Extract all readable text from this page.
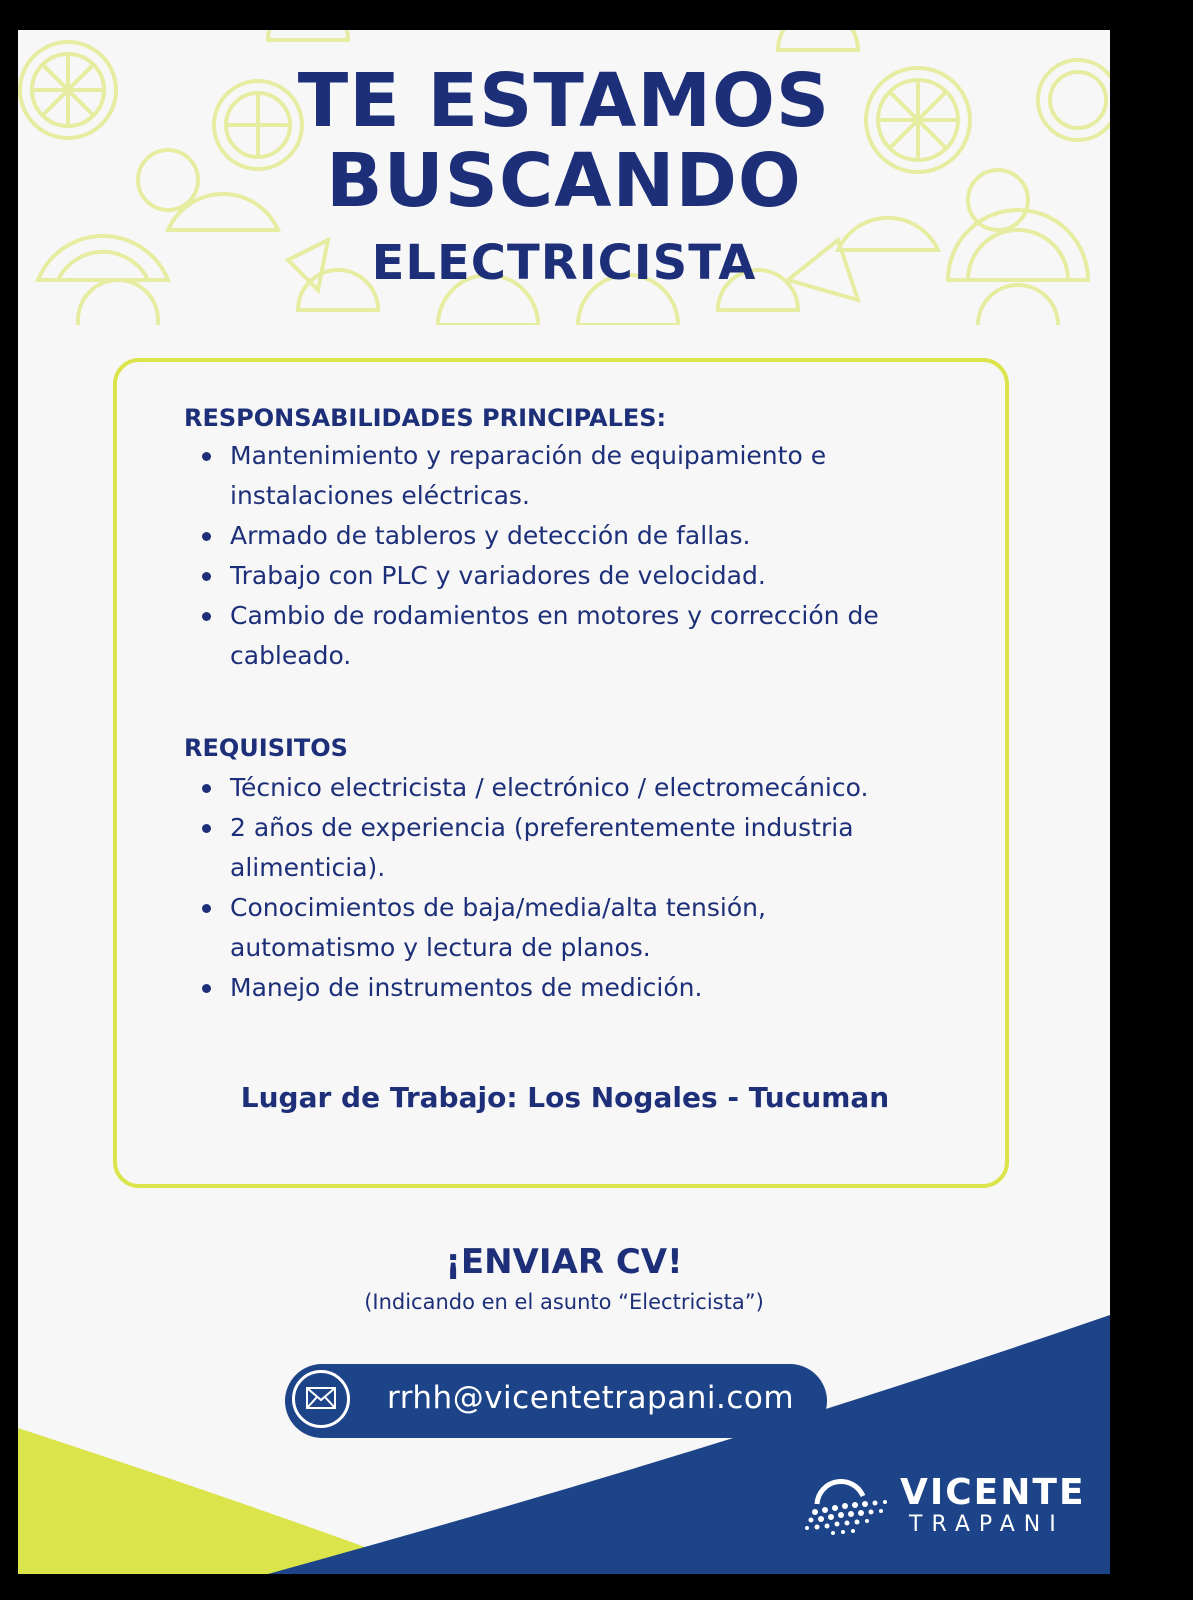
TE ESTAMOS
BUSCANDO
ELECTRICISTA
RESPONSABILIDADES PRINCIPALES:
Mantenimiento y reparación de equipamiento e instalaciones eléctricas.
Armado de tableros y detección de fallas.
Trabajo con PLC y variadores de velocidad.
Cambio de rodamientos en motores y corrección de cableado.
REQUISITOS
Técnico electricista / electrónico / electromecánico.
2 años de experiencia (preferentemente industria alimenticia).
Conocimientos de baja/media/alta tensión, automatismo y lectura de planos.
Manejo de instrumentos de medición.

Lugar de Trabajo: Los Nogales - Tucuman

¡ENVIAR CV!

(Indicando en el asunto “Electricista”)

rrhh@vicentetrapani.com
VICENTE
TRAPANI
